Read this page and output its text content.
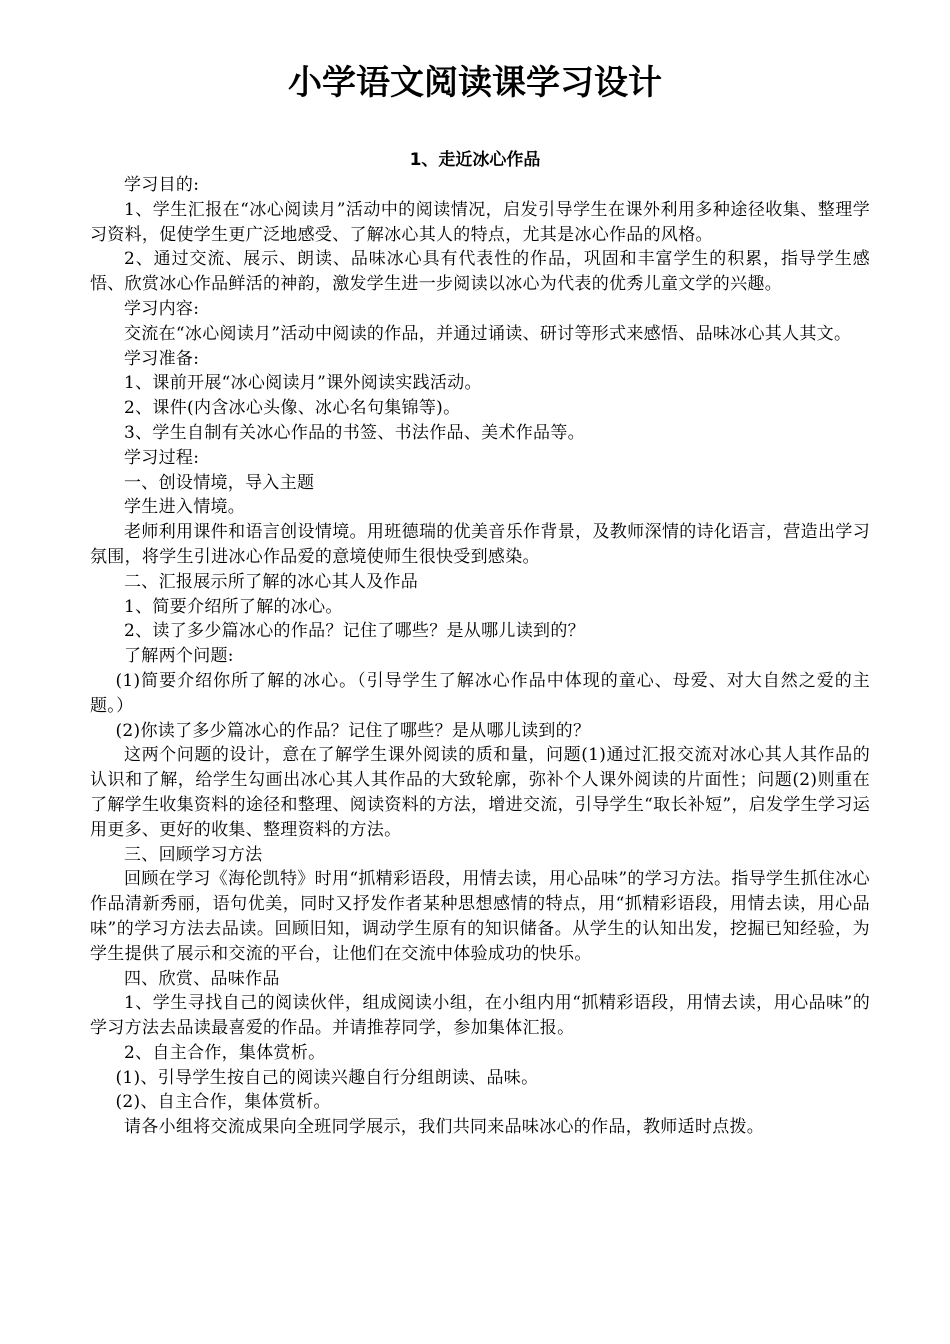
小学语文阅读课学习设计
1、走近冰心作品

学习目的:

1、学生汇报在“冰心阅读月”活动中的阅读情况，启发引导学生在课外利用多种途径收集、整理学习资料，促使学生更广泛地感受、了解冰心其人的特点，尤其是冰心作品的风格。

2、通过交流、展示、朗读、品味冰心具有代表性的作品，巩固和丰富学生的积累，指导学生感悟、欣赏冰心作品鲜活的神韵，激发学生进一步阅读以冰心为代表的优秀儿童文学的兴趣。

学习内容:

交流在“冰心阅读月”活动中阅读的作品，并通过诵读、研讨等形式来感悟、品味冰心其人其文。

学习准备:

1、课前开展“冰心阅读月”课外阅读实践活动。

2、课件(内含冰心头像、冰心名句集锦等)。

3、学生自制有关冰心作品的书签、书法作品、美术作品等。

学习过程:

一、创设情境，导入主题

学生进入情境。

老师利用课件和语言创设情境。用班德瑞的优美音乐作背景，及教师深情的诗化语言，营造出学习氛围，将学生引进冰心作品爱的意境使师生很快受到感染。

二、汇报展示所了解的冰心其人及作品

1、简要介绍所了解的冰心。

2、读了多少篇冰心的作品？记住了哪些？是从哪儿读到的？

了解两个问题:

(1)简要介绍你所了解的冰心。（引导学生了解冰心作品中体现的童心、母爱、对大自然之爱的主题。）

(2)你读了多少篇冰心的作品？记住了哪些？是从哪儿读到的？

这两个问题的设计，意在了解学生课外阅读的质和量，问题(1)通过汇报交流对冰心其人其作品的认识和了解，给学生勾画出冰心其人其作品的大致轮廓，弥补个人课外阅读的片面性；问题(2)则重在了解学生收集资料的途径和整理、阅读资料的方法，增进交流，引导学生“取长补短”，启发学生学习运用更多、更好的收集、整理资料的方法。

三、回顾学习方法

回顾在学习《海伦凯特》时用“抓精彩语段，用情去读，用心品味”的学习方法。指导学生抓住冰心作品清新秀丽，语句优美，同时又抒发作者某种思想感情的特点，用“抓精彩语段，用情去读，用心品味”的学习方法去品读。回顾旧知，调动学生原有的知识储备。从学生的认知出发，挖掘已知经验，为学生提供了展示和交流的平台，让他们在交流中体验成功的快乐。

四、欣赏、品味作品

1、学生寻找自己的阅读伙伴，组成阅读小组，在小组内用“抓精彩语段，用情去读，用心品味”的学习方法去品读最喜爱的作品。并请推荐同学，参加集体汇报。

2、自主合作，集体赏析。

(1)、引导学生按自己的阅读兴趣自行分组朗读、品味。

(2)、自主合作，集体赏析。

请各小组将交流成果向全班同学展示，我们共同来品味冰心的作品，教师适时点拨。
